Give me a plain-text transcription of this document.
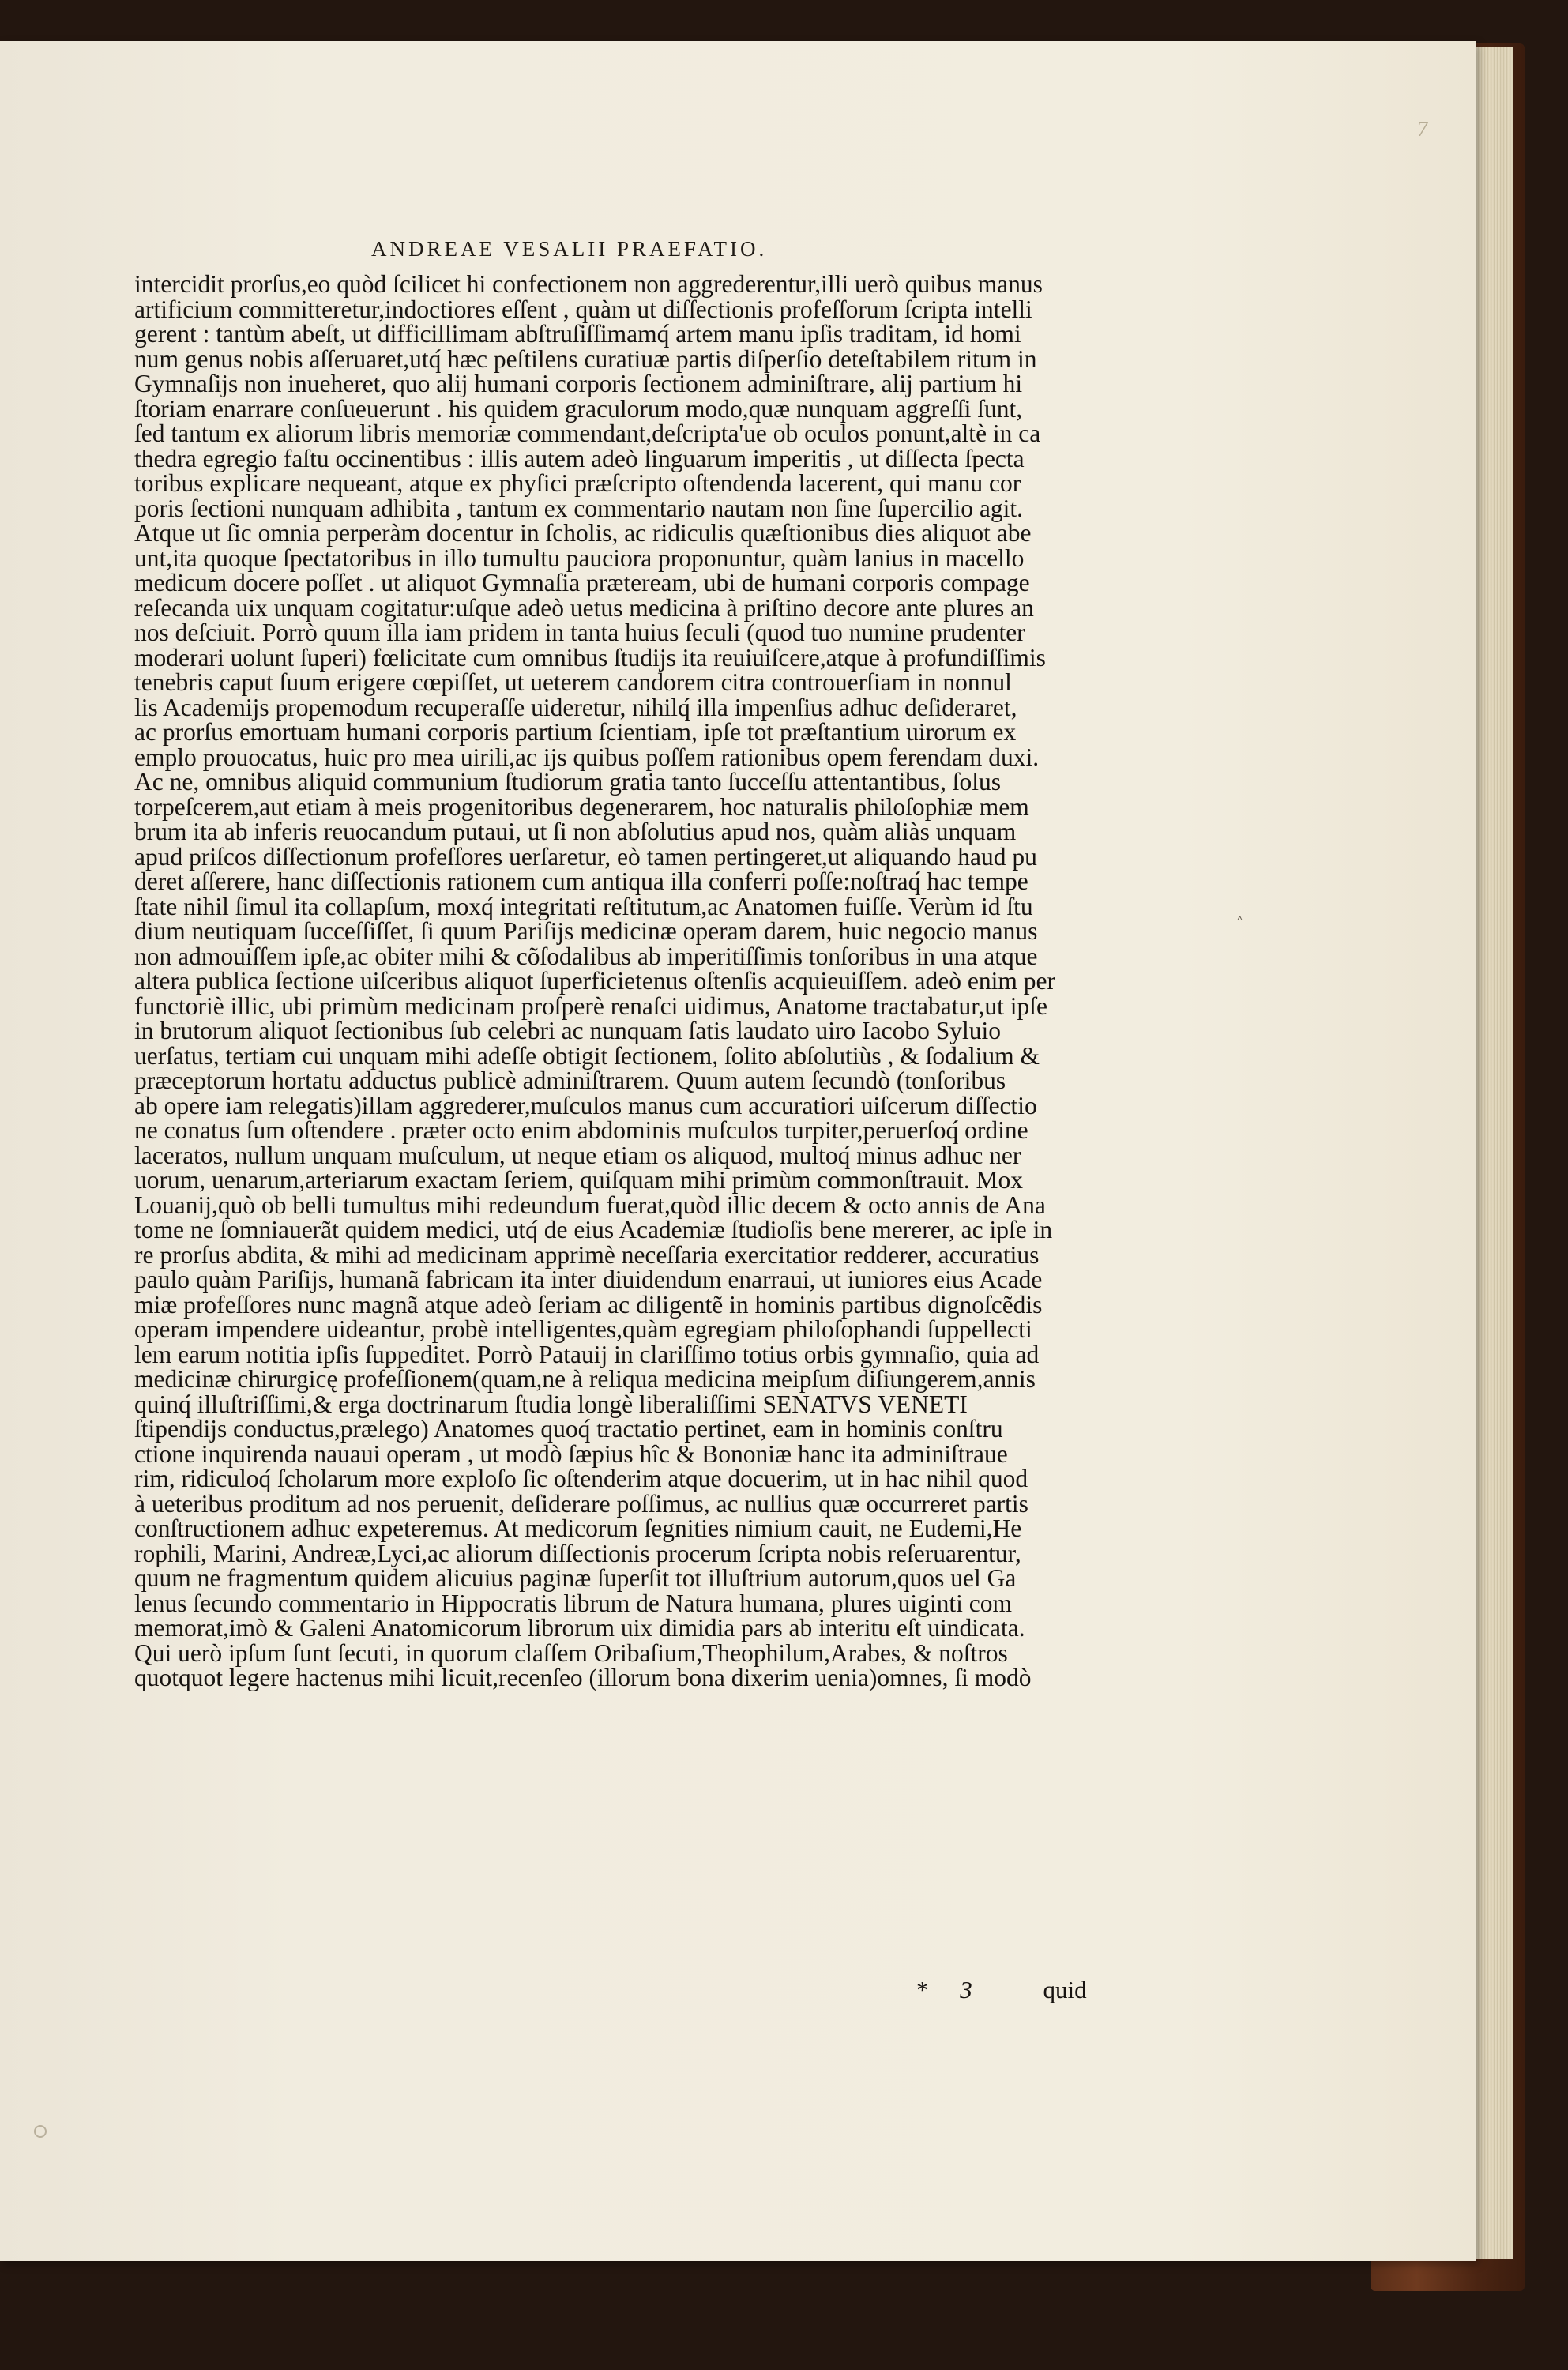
7
ANDREAE VESALII PRAEFATIO.
intercidit prorſus,eo quòd ſcilicet hi confectionem non aggrederentur,illi uerò quibus manus
artificium committeretur,indoctiores eſſent , quàm ut diſſectionis profeſſorum ſcripta intelli
gerent : tantùm abeſt, ut difficillimam abſtruſiſſimamq́ artem manu ipſis traditam, id homi
num genus nobis aſſeruaret,utq́ hæc peſtilens curatiuæ partis diſperſio deteſtabilem ritum in
Gymnaſijs non inueheret, quo alij humani corporis ſectionem adminiſtrare, alij partium hi
ſtoriam enarrare conſueuerunt . his quidem graculorum modo,quæ nunquam aggreſſi ſunt,
ſed tantum ex aliorum libris memoriæ commendant,deſcripta'ue ob oculos ponunt,altè in ca
thedra egregio faſtu occinentibus : illis autem adeò linguarum imperitis , ut diſſecta ſpecta
toribus explicare nequeant, atque ex phyſici præſcripto oſtendenda lacerent, qui manu cor
poris ſectioni nunquam adhibita , tantum ex commentario nautam non ſine ſupercilio agit.
Atque ut ſic omnia perperàm docentur in ſcholis, ac ridiculis quæſtionibus dies aliquot abe
unt,ita quoque ſpectatoribus in illo tumultu pauciora proponuntur, quàm lanius in macello
medicum docere poſſet . ut aliquot Gymnaſia præteream, ubi de humani corporis compage
reſecanda uix unquam cogitatur:uſque adeò uetus medicina à priſtino decore ante plures an
nos deſciuit. Porrò quum illa iam pridem in tanta huius ſeculi (quod tuo numine prudenter
moderari uolunt ſuperi) fœlicitate cum omnibus ſtudijs ita reuiuiſcere,atque à profundiſſimis
tenebris caput ſuum erigere cœpiſſet, ut ueterem candorem citra controuerſiam in nonnul
lis Academijs propemodum recuperaſſe uideretur, nihilq́ illa impenſius adhuc deſideraret,
ac prorſus emortuam humani corporis partium ſcientiam, ipſe tot præſtantium uirorum ex
emplo prouocatus, huic pro mea uirili,ac ijs quibus poſſem rationibus opem ferendam duxi.
Ac ne, omnibus aliquid communium ſtudiorum gratia tanto ſucceſſu attentantibus, ſolus
torpeſcerem,aut etiam à meis progenitoribus degenerarem, hoc naturalis philoſophiæ mem
brum ita ab inferis reuocandum putaui, ut ſi non abſolutius apud nos, quàm aliàs unquam
apud priſcos diſſectionum profeſſores uerſaretur, eò tamen pertingeret,ut aliquando haud pu
deret aſſerere, hanc diſſectionis rationem cum antiqua illa conferri poſſe:noſtraq́ hac tempe
ſtate nihil ſimul ita collapſum, moxq́ integritati reſtitutum,ac Anatomen fuiſſe. Verùm id ſtu
dium neutiquam ſucceſſiſſet, ſi quum Pariſijs medicinæ operam darem, huic negocio manus
non admouiſſem ipſe,ac obiter mihi & cõſodalibus ab imperitiſſimis tonſoribus in una atque
altera publica ſectione uiſceribus aliquot ſuperficietenus oſtenſis acquieuiſſem. adeò enim per
functoriè illic, ubi primùm medicinam proſperè renaſci uidimus, Anatome tractabatur,ut ipſe
in brutorum aliquot ſectionibus ſub celebri ac nunquam ſatis laudato uiro Iacobo Syluio
uerſatus, tertiam cui unquam mihi adeſſe obtigit ſectionem, ſolito abſolutiùs , & ſodalium &
præceptorum hortatu adductus publicè adminiſtrarem. Quum autem ſecundò (tonſoribus
ab opere iam relegatis)illam aggrederer,muſculos manus cum accuratiori uiſcerum diſſectio
ne conatus ſum oſtendere . præter octo enim abdominis muſculos turpiter,peruerſoq́ ordine
laceratos, nullum unquam muſculum, ut neque etiam os aliquod, multoq́ minus adhuc ner
uorum, uenarum,arteriarum exactam ſeriem, quiſquam mihi primùm commonſtrauit. Mox
Louanij,quò ob belli tumultus mihi redeundum fuerat,quòd illic decem & octo annis de Ana
tome ne ſomniauerãt quidem medici, utq́ de eius Academiæ ſtudioſis bene mererer, ac ipſe in
re prorſus abdita, & mihi ad medicinam apprimè neceſſaria exercitatior redderer, accuratius
paulo quàm Pariſijs, humanã fabricam ita inter diuidendum enarraui, ut iuniores eius Acade
miæ profeſſores nunc magnã atque adeò ſeriam ac diligentẽ in hominis partibus dignoſcẽdis
operam impendere uideantur, probè intelligentes,quàm egregiam philoſophandi ſuppellecti
lem earum notitia ipſis ſuppeditet. Porrò Patauij in clariſſimo totius orbis gymnaſio, quia ad
medicinæ chirurgicę profeſſionem(quam,ne à reliqua medicina meipſum diſiungerem,annis
quinq́ illuſtriſſimi,& erga doctrinarum ſtudia longè liberaliſſimi SENATVS VENETI
ſtipendijs conductus,prælego) Anatomes quoq́ tractatio pertinet, eam in hominis conſtru
ctione inquirenda nauaui operam , ut modò ſæpius hîc & Bononiæ hanc ita adminiſtraue
rim, ridiculoq́ ſcholarum more exploſo ſic oſtenderim atque docuerim, ut in hac nihil quod
à ueteribus proditum ad nos peruenit, deſiderare poſſimus, ac nullius quæ occurreret partis
conſtructionem adhuc expeteremus. At medicorum ſegnities nimium cauit, ne Eudemi,He
rophili, Marini, Andreæ,Lyci,ac aliorum diſſectionis procerum ſcripta nobis reſeruarentur,
quum ne fragmentum quidem alicuius paginæ ſuperſit tot illuſtrium autorum,quos uel Ga
lenus ſecundo commentario in Hippocratis librum de Natura humana, plures uiginti com
memorat,imò & Galeni Anatomicorum librorum uix dimidia pars ab interitu eſt uindicata.
Qui uerò ipſum ſunt ſecuti, in quorum claſſem Oribaſium,Theophilum,Arabes, & noſtros
quotquot legere hactenus mihi licuit,recenſeo (illorum bona dixerim uenia)omnes, ſi modò
* 3	quid
˄
